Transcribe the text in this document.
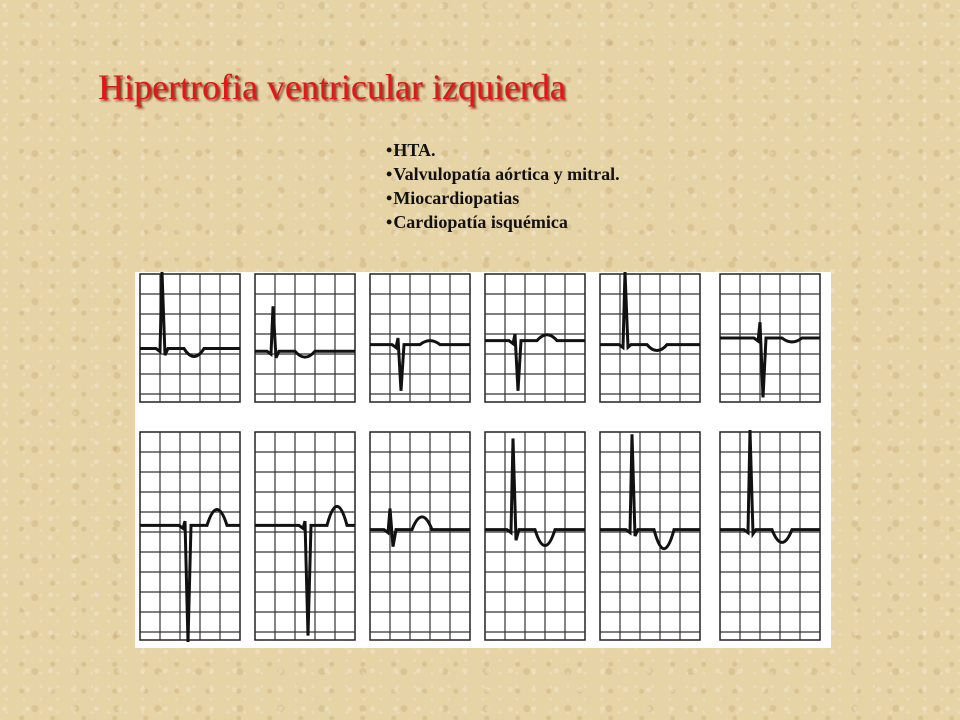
Hipertrofia ventricular izquierda
• HTA.
• Valvulopatía aórtica y mitral.
• Miocardiopatias
• Cardiopatía isquémica
